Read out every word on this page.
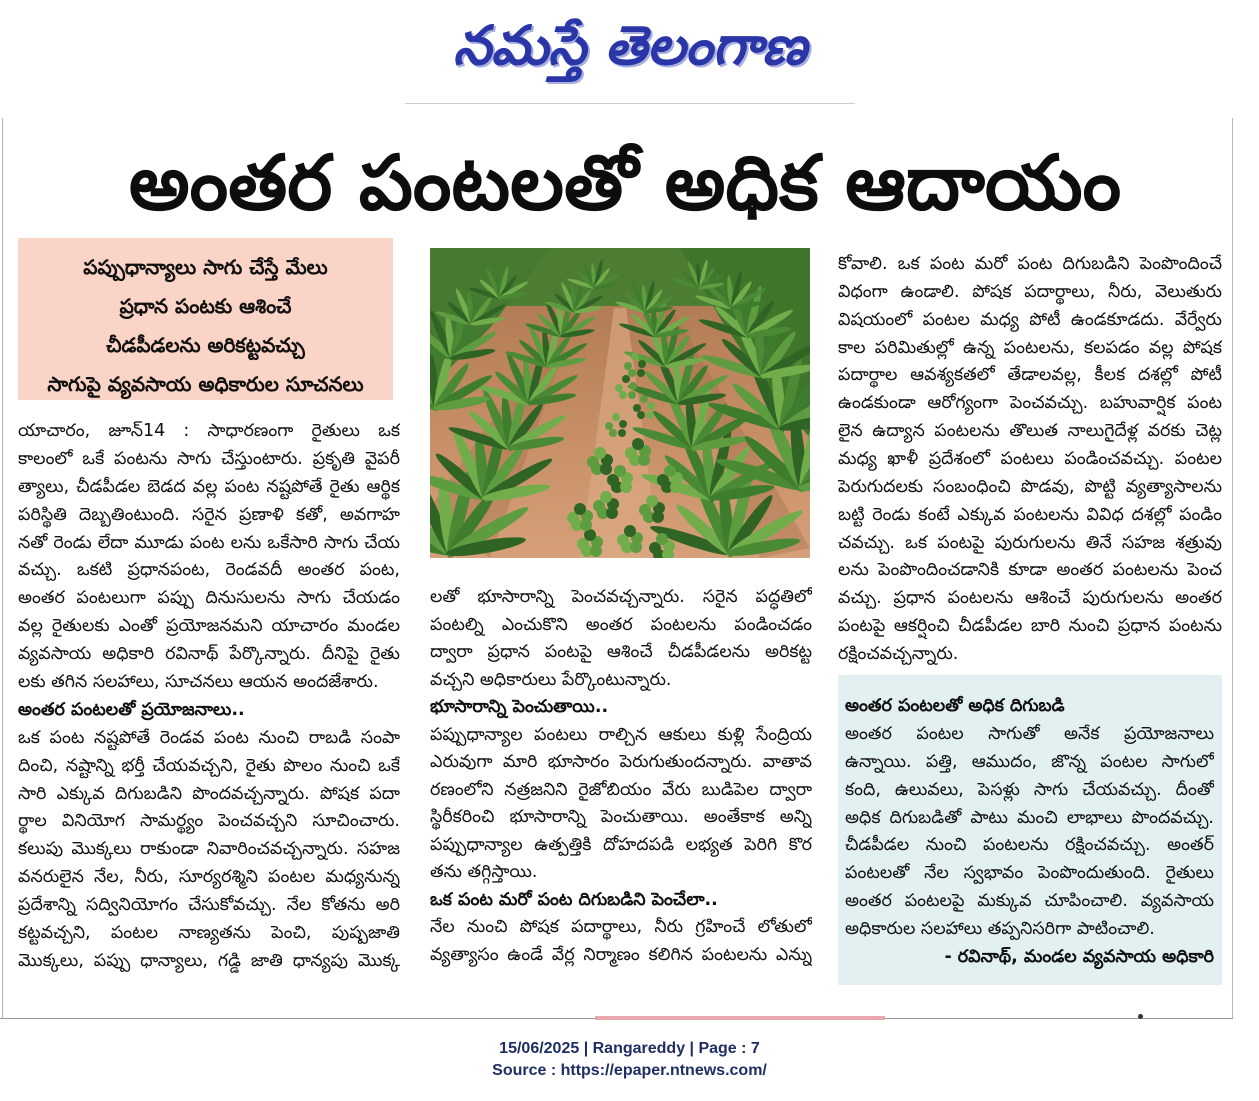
నమస్తే తెలంగాణ
అంతర పంటలతో అధిక ఆదాయం
పప్పుధాన్యాలు సాగు చేస్తే మేలు
ప్రధాన పంటకు ఆశించే
చీడపీడలను అరికట్టవచ్చు
సాగుపై వ్యవసాయ అధికారుల సూచనలు
యాచారం, జూన్14 : సాధారణంగా రైతులు ఒక
కాలంలో ఒకే పంటను సాగు చేస్తుంటారు. ప్రకృతి వైపరీ
త్యాలు, చీడపీడల బెడద వల్ల పంట నష్టపోతే రైతు ఆర్థిక
పరిస్థితి దెబ్బతింటుంది. సరైన ప్రణాళి కతో, అవగాహ
నతో రెండు లేదా మూడు పంట లను ఒకేసారి సాగు చేయ
వచ్చు. ఒకటి ప్రధానపంట, రెండవదీ అంతర పంట,
అంతర పంటలుగా పప్పు దినుసులను సాగు చేయడం
వల్ల రైతులకు ఎంతో ప్రయోజనమని యాచారం మండల
వ్యవసాయ అధికారి రవినాథ్ పేర్కొన్నారు. దీనిపై రైతు
లకు తగిన సలహాలు, సూచనలు ఆయన అందజేశారు.
అంతర పంటలతో ప్రయోజనాలు..
ఒక పంట నష్టపోతే రెండవ పంట నుంచి రాబడి సంపా
దించి, నష్టాన్ని భర్తీ చేయవచ్చని, రైతు పొలం నుంచి ఒకే
సారి ఎక్కువ దిగుబడిని పొందవచ్చన్నారు. పోషక పదా
ర్థాల వినియోగ సామర్థ్యం పెంచవచ్చని సూచించారు.
కలుపు మొక్కలు రాకుండా నివారించవచ్చన్నారు. సహజ
వనరులైన నేల, నీరు, సూర్యరశ్మిని పంటల మధ్యనున్న
ప్రదేశాన్ని సద్వినియోగం చేసుకోవచ్చు. నేల కోతను అరి
కట్టవచ్చని, పంటల నాణ్యతను పెంచి, పుష్పజాతి
మొక్కలు, పప్పు ధాన్యాలు, గడ్డి జాతి ధాన్యపు మొక్క
లతో భూసారాన్ని పెంచవచ్చన్నారు. సరైన పద్ధతిలో
పంటల్ని ఎంచుకొని అంతర పంటలను పండించడం
ద్వారా ప్రధాన పంటపై ఆశించే చీడపీడలను అరికట్ట
వచ్చని అధికారులు పేర్కొంటున్నారు.
భూసారాన్ని పెంచుతాయి..
పప్పుధాన్యాల పంటలు రాల్చిన ఆకులు కుళ్లి సేంద్రియ
ఎరువుగా మారి భూసారం పెరుగుతుందన్నారు. వాతావ
రణంలోని నత్రజనిని రైజోబియం వేరు బుడిపెల ద్వారా
స్థిరీకరించి భూసారాన్ని పెంచుతాయి. అంతేకాక అన్ని
పప్పుధాన్యాల ఉత్పత్తికి దోహదపడి లభ్యత పెరిగి కొర
తను తగ్గిస్తాయి.
ఒక పంట మరో పంట దిగుబడిని పెంచేలా..
నేల నుంచి పోషక పదార్థాలు, నీరు గ్రహించే లోతులో
వ్యత్యాసం ఉండే వేర్ల నిర్మాణం కలిగిన పంటలను ఎన్ను
కోవాలి. ఒక పంట మరో పంట దిగుబడిని పెంపొందించే
విధంగా ఉండాలి. పోషక పదార్థాలు, నీరు, వెలుతురు
విషయంలో పంటల మధ్య పోటీ ఉండకూడదు. వేర్వేరు
కాల పరిమితుల్లో ఉన్న పంటలను, కలపడం వల్ల పోషక
పదార్థాల ఆవశ్యకతలో తేడాలవల్ల, కీలక దశల్లో పోటీ
ఉండకుండా ఆరోగ్యంగా పెంచవచ్చు. బహువార్షిక పంట
లైన ఉద్యాన పంటలను తొలుత నాలుగైదేళ్ల వరకు చెట్ల
మధ్య ఖాళీ ప్రదేశంలో పంటలు పండించవచ్చు. పంటల
పెరుగుదలకు సంబంధించి పొడవు, పొట్టి వ్యత్యాసాలను
బట్టి రెండు కంటే ఎక్కువ పంటలను వివిధ దశల్లో పండిం
చవచ్చు. ఒక పంటపై పురుగులను తినే సహజ శత్రువు
లను పెంపొందించడానికి కూడా అంతర పంటలను పెంచ
వచ్చు. ప్రధాన పంటలను ఆశించే పురుగులను అంతర
పంటపై ఆకర్షించి చీడపీడల బారి నుంచి ప్రధాన పంటను
రక్షించవచ్చన్నారు.
అంతర పంటలతో అధిక దిగుబడి
అంతర పంటల సాగుతో అనేక ప్రయోజనాలు
ఉన్నాయి. పత్తి, ఆముదం, జొన్న పంటల సాగులో
కంది, ఉలువలు, పెసళ్లు సాగు చేయవచ్చు. దీంతో
అధిక దిగుబడితో పాటు మంచి లాభాలు పొందవచ్చు.
చీడపీడల నుంచి పంటలను రక్షించవచ్చు. అంతర్
పంటలతో నేల స్వభావం పెంపొందుతుంది. రైతులు
అంతర పంటలపై మక్కువ చూపించాలి. వ్యవసాయ
అధికారుల సలహాలు తప్పనిసరిగా పాటించాలి.
- రవినాథ్, మండల వ్యవసాయ అధికారి
15/06/2025 | Rangareddy | Page : 7
Source : https://epaper.ntnews.com/
